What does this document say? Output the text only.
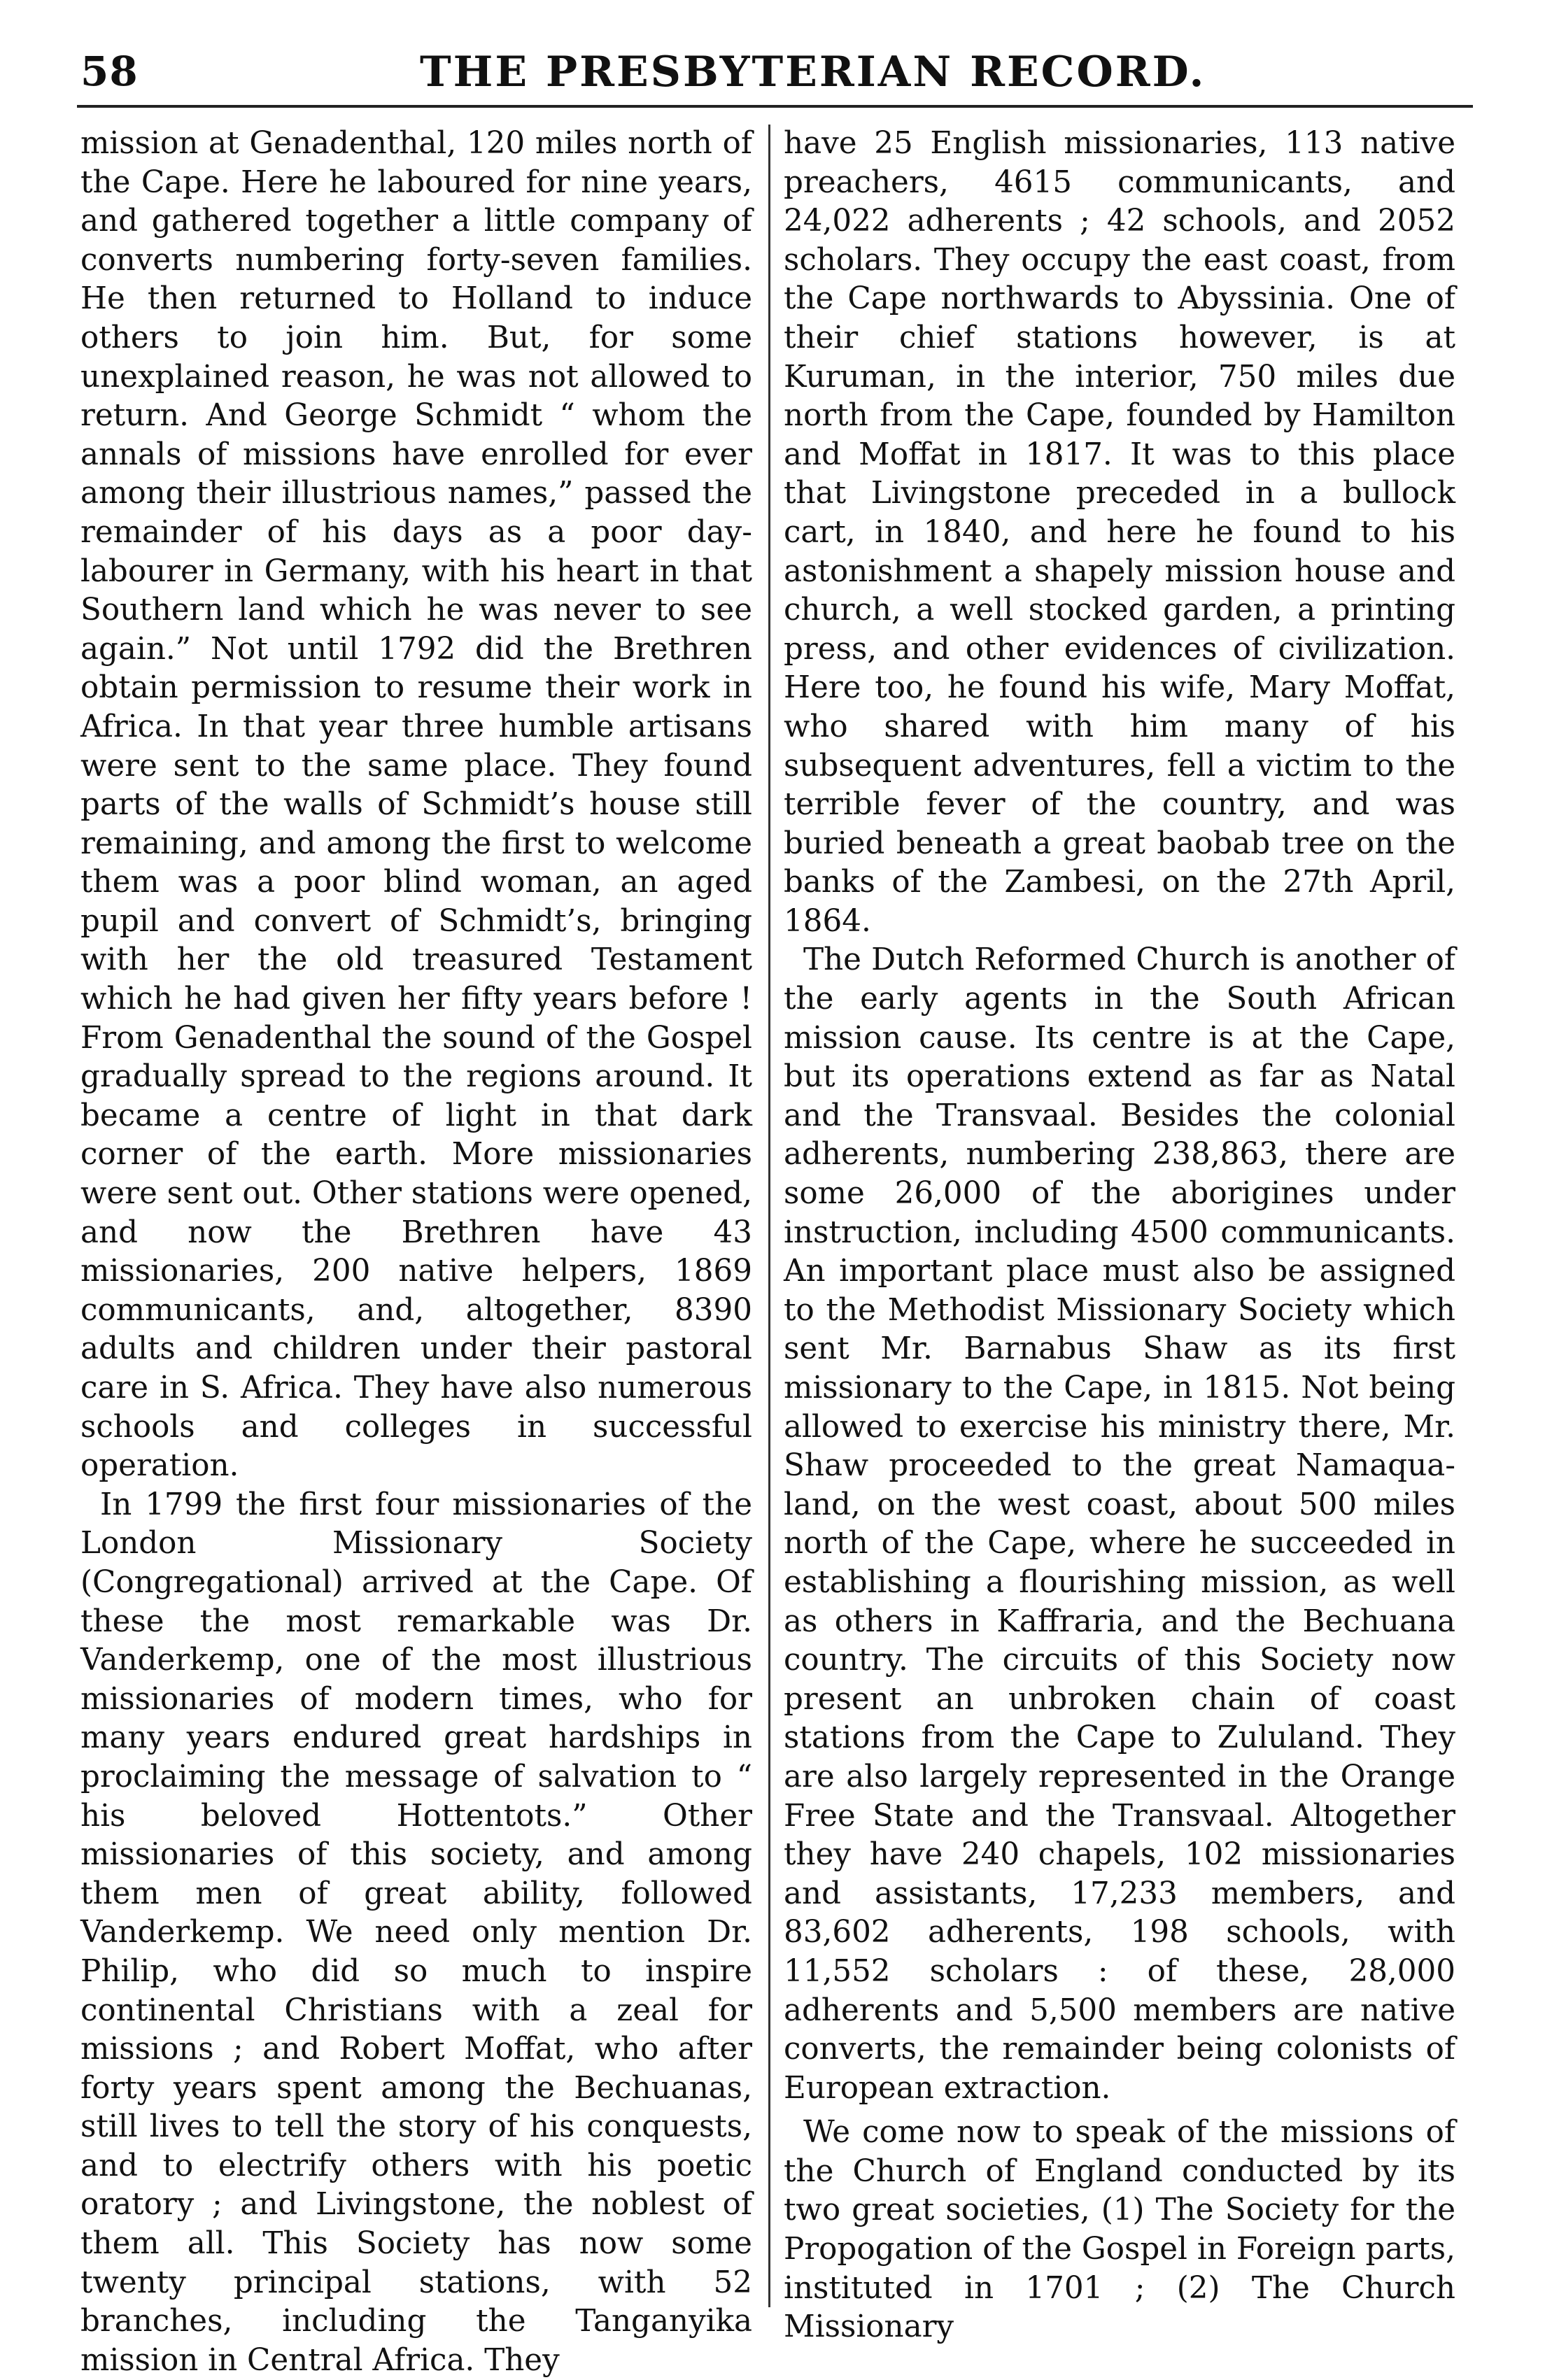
58	THE PRESBYTERIAN RECORD.

mission at Genadenthal, 120 miles north of the Cape. Here he laboured for nine years, and gathered together a little company of converts numbering forty-seven families. He then returned to Holland to induce others to join him. But, for some unexplained reason, he was not allowed to return. And George Schmidt “ whom the annals of missions have enrolled for ever among their illustrious names,” passed the remainder of his days as a poor day-labourer in Germany, with his heart in that Southern land which he was never to see again.” Not until 1792 did the Brethren obtain permission to resume their work in Africa. In that year three humble artisans were sent to the same place. They found parts of the walls of Schmidt’s house still remaining, and among the first to welcome them was a poor blind woman, an aged pupil and convert of Schmidt’s, bringing with her the old treasured Testament which he had given her fifty years before ! From Genadenthal the sound of the Gospel gradually spread to the regions around. It became a centre of light in that dark corner of the earth. More missionaries were sent out. Other stations were opened, and now the Brethren have 43 missionaries, 200 native helpers, 1869 communicants, and, altogether, 8390 adults and children under their pastoral care in S. Africa. They have also numerous schools and colleges in successful operation.

In 1799 the first four missionaries of the London Missionary Society (Congregational) arrived at the Cape. Of these the most remarkable was Dr. Vanderkemp, one of the most illustrious missionaries of modern times, who for many years endured great hardships in proclaiming the message of salvation to “ his beloved Hottentots.” Other missionaries of this society, and among them men of great ability, followed Vanderkemp. We need only mention Dr. Philip, who did so much to inspire continental Christians with a zeal for missions ; and Robert Moffat, who after forty years spent among the Bechuanas, still lives to tell the story of his conquests, and to electrify others with his poetic oratory ; and Livingstone, the noblest of them all. This Society has now some twenty principal stations, with 52 branches, including the Tanganyika mission in Central Africa. They

have 25 English missionaries, 113 native preachers, 4615 communicants, and 24,022 adherents ; 42 schools, and 2052 scholars. They occupy the east coast, from the Cape northwards to Abyssinia. One of their chief stations however, is at Kuruman, in the interior, 750 miles due north from the Cape, founded by Hamilton and Moffat in 1817. It was to this place that Livingstone preceded in a bullock cart, in 1840, and here he found to his astonishment a shapely mission house and church, a well stocked garden, a printing press, and other evidences of civilization. Here too, he found his wife, Mary Moffat, who shared with him many of his subsequent adventures, fell a victim to the terrible fever of the country, and was buried beneath a great baobab tree on the banks of the Zambesi, on the 27th April, 1864.

The Dutch Reformed Church is another of the early agents in the South African mission cause. Its centre is at the Cape, but its operations extend as far as Natal and the Transvaal. Besides the colonial adherents, numbering 238,863, there are some 26,000 of the aborigines under instruction, including 4500 communicants. An important place must also be assigned to the Methodist Missionary Society which sent Mr. Barnabus Shaw as its first missionary to the Cape, in 1815. Not being allowed to exercise his ministry there, Mr. Shaw proceeded to the great Namaqua-land, on the west coast, about 500 miles north of the Cape, where he succeeded in establishing a flourishing mission, as well as others in Kaffraria, and the Bechuana country. The circuits of this Society now present an unbroken chain of coast stations from the Cape to Zululand. They are also largely represented in the Orange Free State and the Transvaal. Altogether they have 240 chapels, 102 missionaries and assistants, 17,233 members, and 83,602 adherents, 198 schools, with 11,552 scholars : of these, 28,000 adherents and 5,500 members are native converts, the remainder being colonists of European extraction.

We come now to speak of the missions of the Church of England conducted by its two great societies, (1) The Society for the Propogation of the Gospel in Foreign parts, instituted in 1701 ; (2) The Church Missionary
